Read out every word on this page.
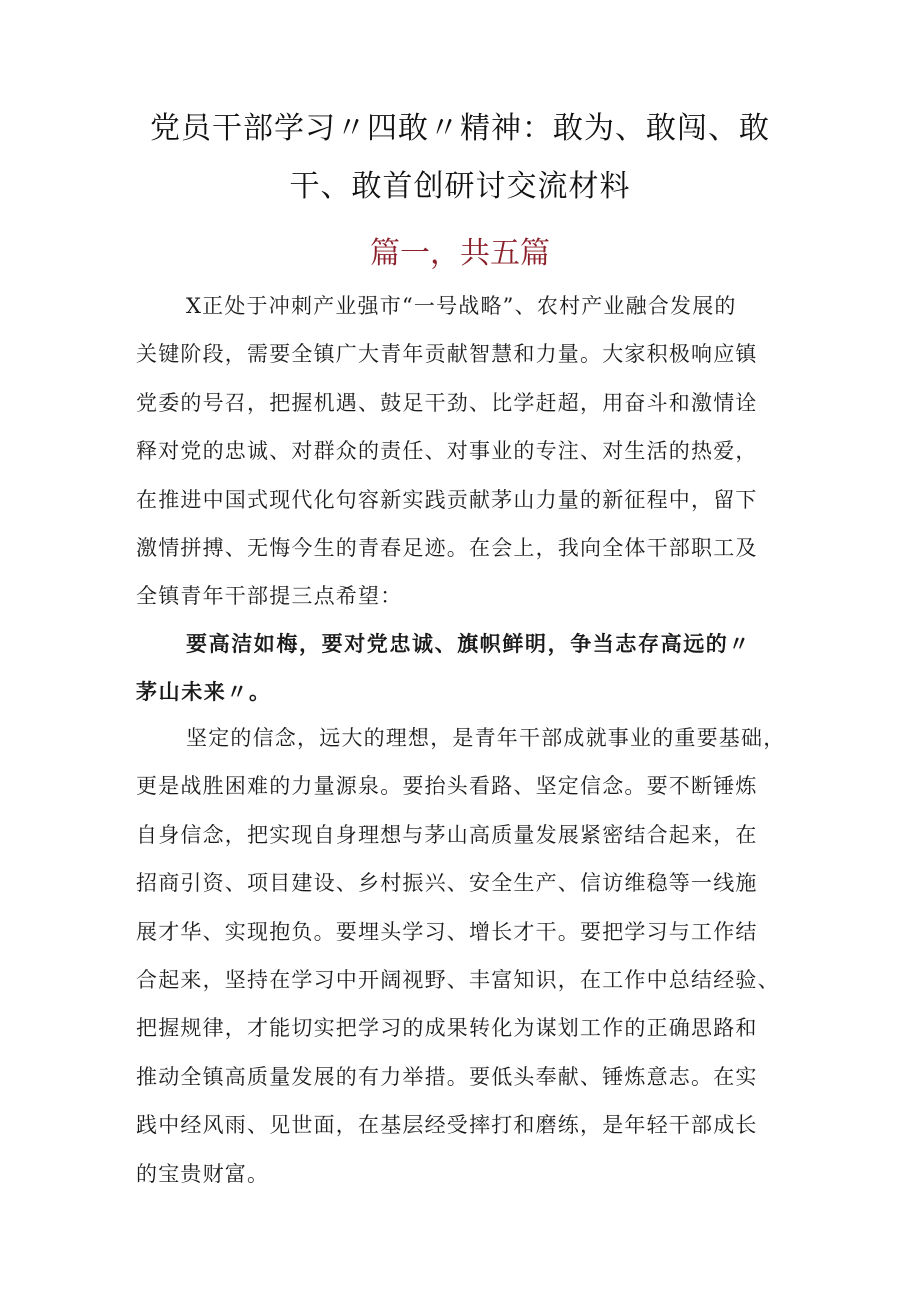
党员干部学习〃四敢〃精神：敢为、敢闯、敢
干、敢首创研讨交流材料
篇一，共五篇
X正处于冲刺产业强市“一号战略”、农村产业融合发展的
关键阶段，需要全镇广大青年贡献智慧和力量。大家积极响应镇
党委的号召，把握机遇、鼓足干劲、比学赶超，用奋斗和激情诠
释对党的忠诚、对群众的责任、对事业的专注、对生活的热爱，
在推进中国式现代化句容新实践贡献茅山力量的新征程中，留下
激情拼搏、无悔今生的青春足迹。在会上，我向全体干部职工及
全镇青年干部提三点希望：
要高洁如梅，要对党忠诚、旗帜鲜明，争当志存高远的〃
茅山未来〃。
坚定的信念，远大的理想，是青年干部成就事业的重要基础，
更是战胜困难的力量源泉。要抬头看路、坚定信念。要不断锤炼
自身信念，把实现自身理想与茅山高质量发展紧密结合起来，在
招商引资、项目建设、乡村振兴、安全生产、信访维稳等一线施
展才华、实现抱负。要埋头学习、增长才干。要把学习与工作结
合起来，坚持在学习中开阔视野、丰富知识，在工作中总结经验、
把握规律，才能切实把学习的成果转化为谋划工作的正确思路和
推动全镇高质量发展的有力举措。要低头奉献、锤炼意志。在实
践中经风雨、见世面，在基层经受摔打和磨练，是年轻干部成长
的宝贵财富。
